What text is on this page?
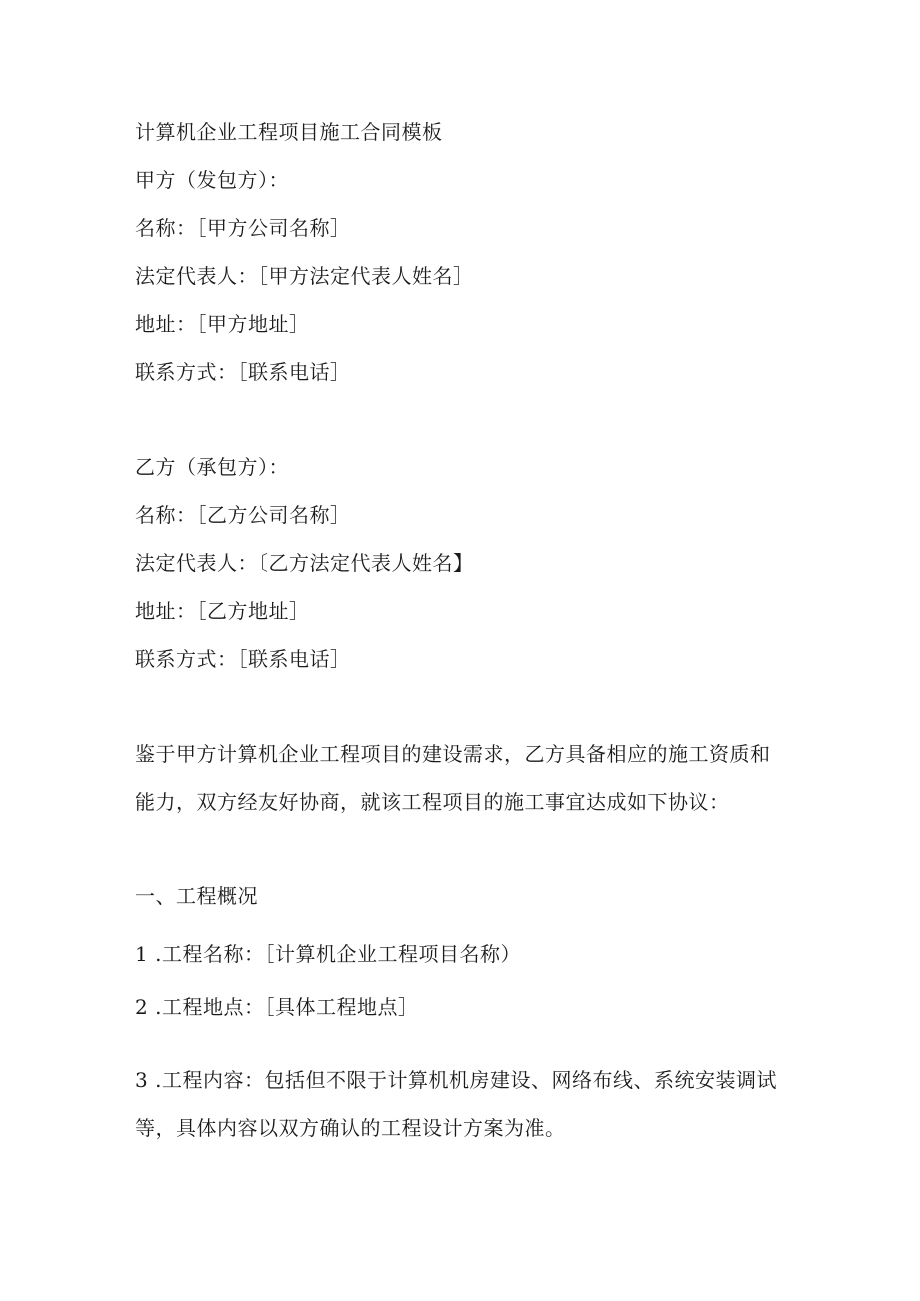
计算机企业工程项目施工合同模板
甲方（发包方）：
名称：［甲方公司名称］
法定代表人：［甲方法定代表人姓名］
地址：［甲方地址］
联系方式：［联系电话］
乙方（承包方）：
名称：［乙方公司名称］
法定代表人：〔乙方法定代表人姓名】
地址：［乙方地址］
联系方式：［联系电话］
鉴于甲方计算机企业工程项目的建设需求，乙方具备相应的施工资质和
能力，双方经友好协商，就该工程项目的施工事宜达成如下协议：
一、工程概况
1 .工程名称：［计算机企业工程项目名称）
2 .工程地点：［具体工程地点］
3 .工程内容：包括但不限于计算机机房建设、网络布线、系统安装调试
等，具体内容以双方确认的工程设计方案为准。
